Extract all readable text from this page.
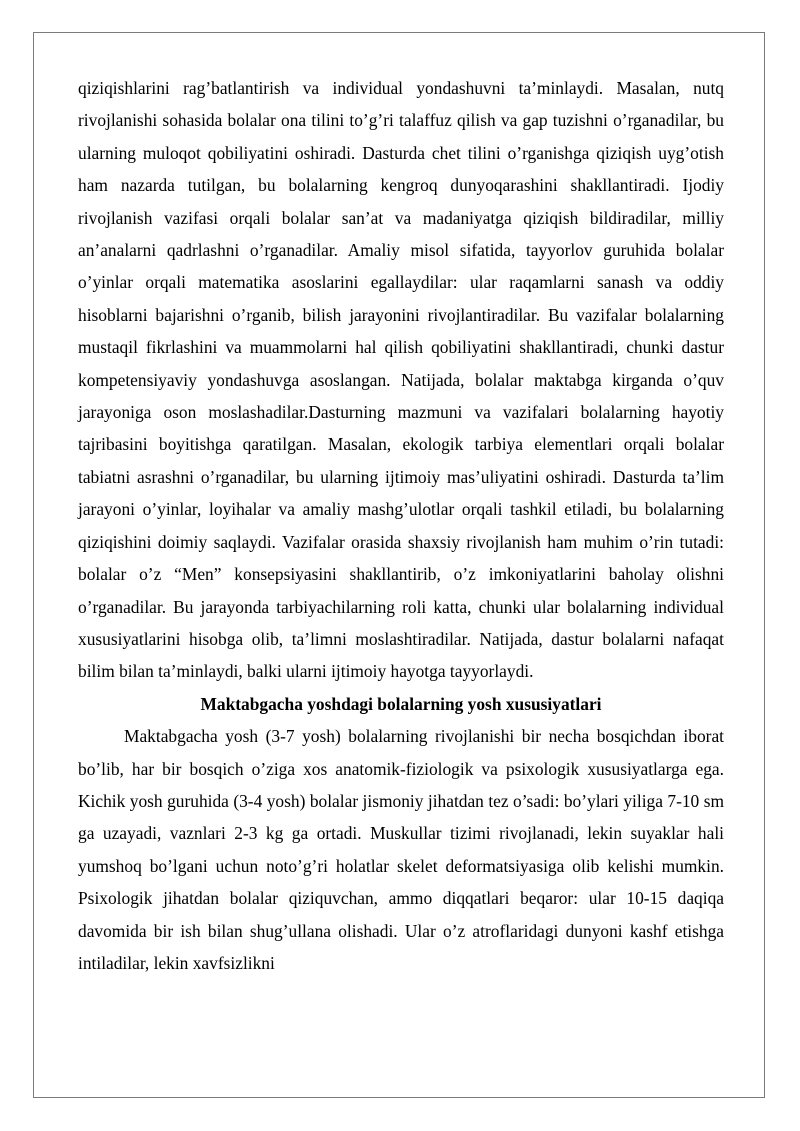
qiziqishlarini rag’batlantirish va individual yondashuvni ta’minlaydi. Masalan, nutq rivojlanishi sohasida bolalar ona tilini to’g’ri talaffuz qilish va gap tuzishni o’rganadilar, bu ularning muloqot qobiliyatini oshiradi. Dasturda chet tilini o’rganishga qiziqish uyg’otish ham nazarda tutilgan, bu bolalarning kengroq dunyoqarashini shakllantiradi. Ijodiy rivojlanish vazifasi orqali bolalar san’at va madaniyatga qiziqish bildiradilar, milliy an’analarni qadrlashni o’rganadilar. Amaliy misol sifatida, tayyorlov guruhida bolalar o’yinlar orqali matematika asoslarini egallaydilar: ular raqamlarni sanash va oddiy hisoblarni bajarishni o’rganib, bilish jarayonini rivojlantiradilar. Bu vazifalar bolalarning mustaqil fikrlashini va muammolarni hal qilish qobiliyatini shakllantiradi, chunki dastur kompetensiyaviy yondashuvga asoslangan. Natijada, bolalar maktabga kirganda o’quv jarayoniga oson moslashadilar.Dasturning mazmuni va vazifalari bolalarning hayotiy tajribasini boyitishga qaratilgan. Masalan, ekologik tarbiya elementlari orqali bolalar tabiatni asrashni o’rganadilar, bu ularning ijtimoiy mas’uliyatini oshiradi. Dasturda ta’lim jarayoni o’yinlar, loyihalar va amaliy mashg’ulotlar orqali tashkil etiladi, bu bolalarning qiziqishini doimiy saqlaydi. Vazifalar orasida shaxsiy rivojlanish ham muhim o’rin tutadi: bolalar o’z “Men” konsepsiyasini shakllantirib, o’z imkoniyatlarini baholay olishni o’rganadilar. Bu jarayonda tarbiyachilarning roli katta, chunki ular bolalarning individual xususiyatlarini hisobga olib, ta’limni moslashtiradilar. Natijada, dastur bolalarni nafaqat bilim bilan ta’minlaydi, balki ularni ijtimoiy hayotga tayyorlaydi.

Maktabgacha yoshdagi bolalarning yosh xususiyatlari

Maktabgacha yosh (3-7 yosh) bolalarning rivojlanishi bir necha bosqichdan iborat bo’lib, har bir bosqich o’ziga xos anatomik-fiziologik va psixologik xususiyatlarga ega. Kichik yosh guruhida (3-4 yosh) bolalar jismoniy jihatdan tez o’sadi: bo’ylari yiliga 7-10 sm ga uzayadi, vaznlari 2-3 kg ga ortadi. Muskullar tizimi rivojlanadi, lekin suyaklar hali yumshoq bo’lgani uchun noto’g’ri holatlar skelet deformatsiyasiga olib kelishi mumkin. Psixologik jihatdan bolalar qiziquvchan, ammo diqqatlari beqaror: ular 10-15 daqiqa davomida bir ish bilan shug’ullana olishadi. Ular o’z atroflaridagi dunyoni kashf etishga intiladilar, lekin xavfsizlikni
